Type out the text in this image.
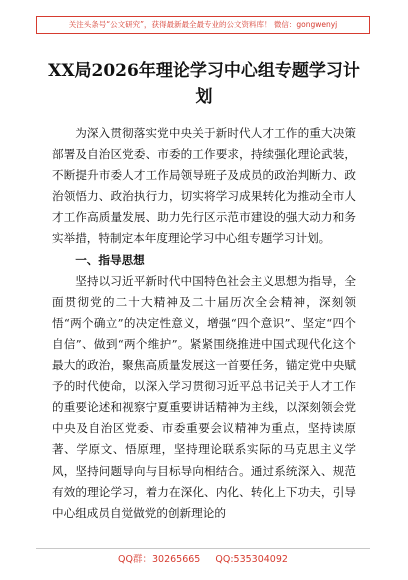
关注头条号“公文研究”，获得最新最全最专业的公文资料库！ 微信：gongwenyj
XX局2026年理论学习中心组专题学习计划

为深入贯彻落实党中央关于新时代人才工作的重大决策部署及自治区党委、市委的工作要求，持续强化理论武装，不断提升市委人才工作局领导班子及成员的政治判断力、政治领悟力、政治执行力，切实将学习成果转化为推动全市人才工作高质量发展、助力先行区示范市建设的强大动力和务实举措，特制定本年度理论学习中心组专题学习计划。

一、指导思想

坚持以习近平新时代中国特色社会主义思想为指导，全面贯彻党的二十大精神及二十届历次全会精神，深刻领悟“两个确立”的决定性意义，增强“四个意识”、坚定“四个自信”、做到“两个维护”。紧紧围绕推进中国式现代化这个最大的政治，聚焦高质量发展这一首要任务，锚定党中央赋予的时代使命，以深入学习贯彻习近平总书记关于人才工作的重要论述和视察宁夏重要讲话精神为主线，以深刻领会党中央及自治区党委、市委重要会议精神为重点，坚持读原著、学原文、悟原理，坚持理论联系实际的马克思主义学风，坚持问题导向与目标导向相结合。通过系统深入、规范有效的理论学习，着力在深化、内化、转化上下功夫，引导中心组成员自觉做党的创新理论的

QQ群：30265665 QQ:535304092
